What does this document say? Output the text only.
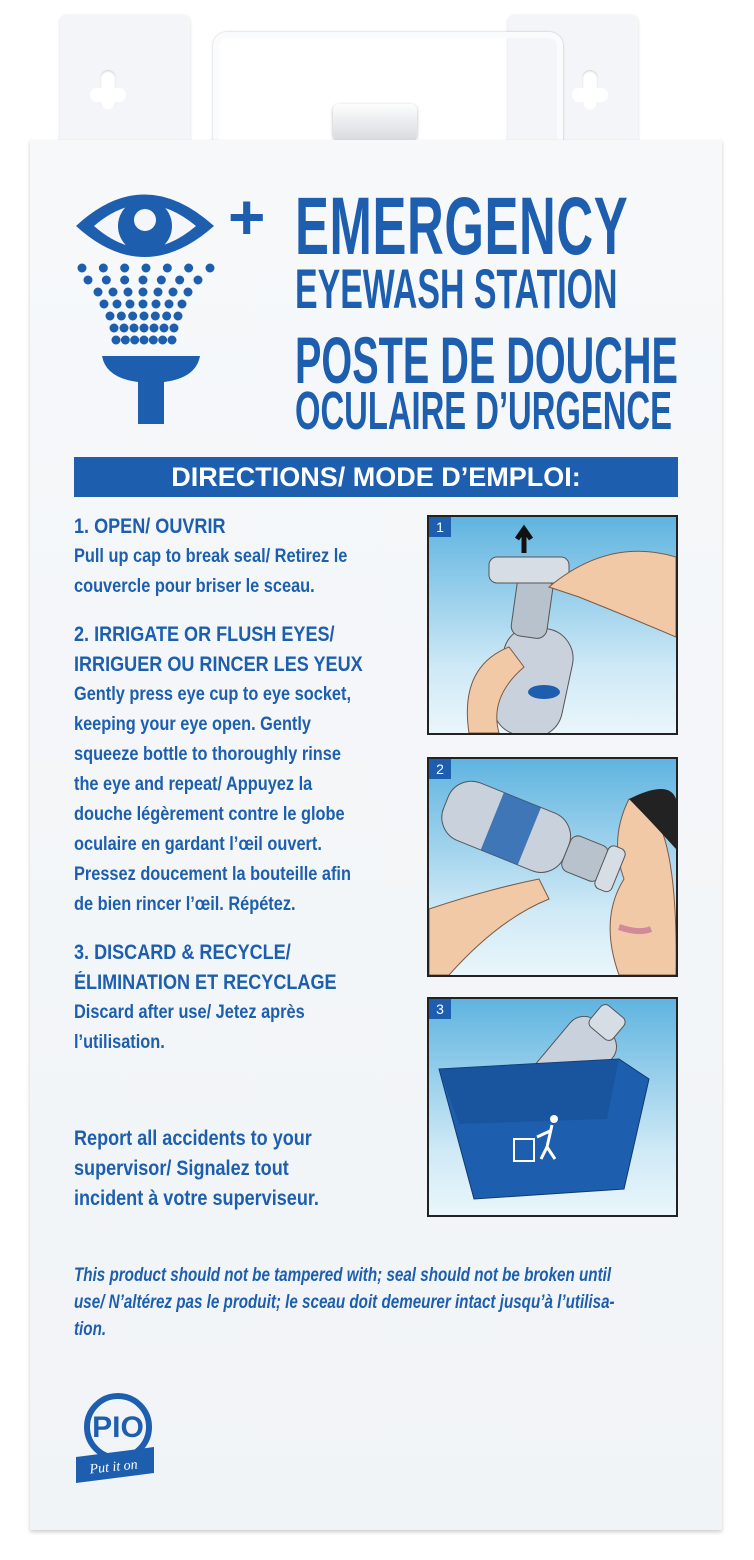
+ EMERGENCY
EYEWASH STATION
POSTE DE DOUCHE
OCULAIRE D’URGENCE
DIRECTIONS/ MODE D’EMPLOI:
1. OPEN/ OUVRIR
Pull up cap to break seal/ Retirez le
couvercle pour briser le sceau.
2. IRRIGATE OR FLUSH EYES/
IRRIGUER OU RINCER LES YEUX
Gently press eye cup to eye socket,
keeping your eye open. Gently
squeeze bottle to thoroughly rinse
the eye and repeat/ Appuyez la
douche légèrement contre le globe
oculaire en gardant l’œil ouvert.
Pressez doucement la bouteille afin
de bien rincer l’œil. Répétez.
3. DISCARD & RECYCLE/
ÉLIMINATION ET RECYCLAGE
Discard after use/ Jetez après
l’utilisation.
Report all accidents to your
supervisor/ Signalez tout
incident à votre superviseur.
1
2
3
This product should not be tampered with; seal should not be broken until
use/ N’altérez pas le produit; le sceau doit demeurer intact jusqu’à l’utilisa-
tion.
PIO
Put it on
